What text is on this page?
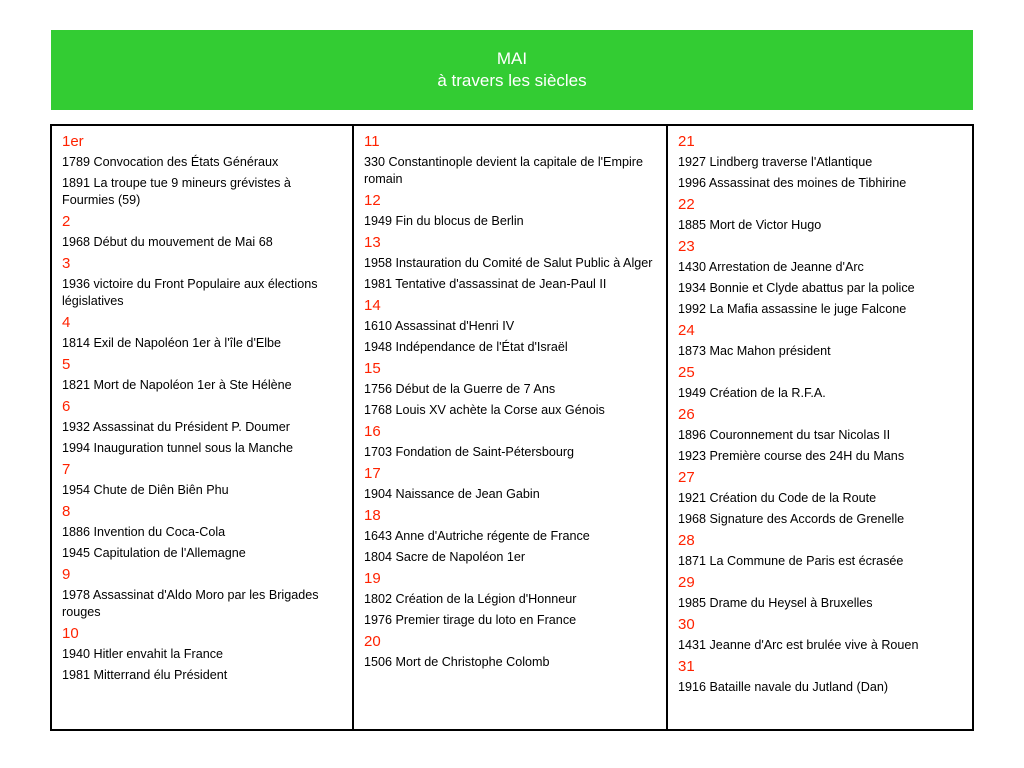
MAI
à travers les siècles
1er
1789 Convocation des États Généraux
1891 La troupe tue 9 mineurs grévistes à Fourmies (59)
2
1968 Début du mouvement de Mai 68
3
1936 victoire du Front Populaire aux élections législatives
4
1814 Exil de Napoléon 1er à l'île d'Elbe
5
1821 Mort de Napoléon 1er à Ste Hélène
6
1932 Assassinat du Président P. Doumer
1994 Inauguration tunnel sous la Manche
7
1954 Chute de Diên Biên Phu
8
1886 Invention du Coca-Cola
1945 Capitulation de l'Allemagne
9
1978 Assassinat d'Aldo Moro par les Brigades rouges
10
1940 Hitler envahit la France
1981 Mitterrand élu Président
11
330 Constantinople devient la capitale de l'Empire romain
12
1949 Fin du blocus de Berlin
13
1958 Instauration du Comité de Salut Public à Alger
1981 Tentative d'assassinat de Jean-Paul II
14
1610 Assassinat d'Henri IV
1948 Indépendance de l'État d'Israël
15
1756 Début de la Guerre de 7 Ans
1768 Louis XV achète la Corse aux Génois
16
1703 Fondation de Saint-Pétersbourg
17
1904 Naissance de Jean Gabin
18
1643 Anne d'Autriche régente de France
1804 Sacre de Napoléon 1er
19
1802 Création de la Légion d'Honneur
1976 Premier tirage du loto en France
20
1506 Mort de Christophe Colomb
21
1927 Lindberg traverse l'Atlantique
1996 Assassinat des moines de Tibhirine
22
1885 Mort de Victor Hugo
23
1430 Arrestation de Jeanne d'Arc
1934 Bonnie et Clyde abattus par la police
1992 La Mafia assassine le juge Falcone
24
1873 Mac Mahon président
25
1949 Création de la R.F.A.
26
1896 Couronnement du tsar Nicolas II
1923 Première course des 24H du Mans
27
1921 Création du Code de la Route
1968 Signature des Accords de Grenelle
28
1871 La Commune de Paris est écrasée
29
1985 Drame du Heysel à Bruxelles
30
1431 Jeanne d'Arc est brulée vive à Rouen
31
1916 Bataille navale du Jutland (Dan)
